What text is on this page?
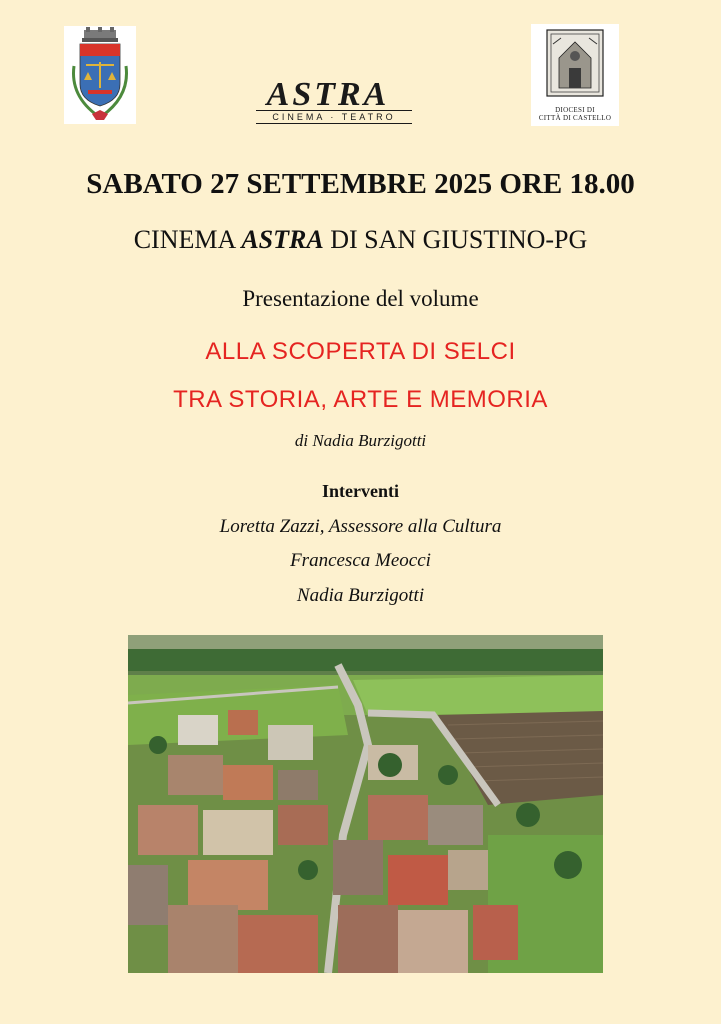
ASTRA
CINEMA · TEATRO
DIOCESI DI
CITTÀ DI CASTELLO
SABATO 27 SETTEMBRE 2025 ORE 18.00
CINEMA ASTRA DI SAN GIUSTINO-PG
Presentazione del volume
ALLA SCOPERTA DI SELCI
TRA STORIA, ARTE E MEMORIA
di Nadia Burzigotti
Interventi
Loretta Zazzi, Assessore alla Cultura
Francesca Meocci
Nadia Burzigotti
